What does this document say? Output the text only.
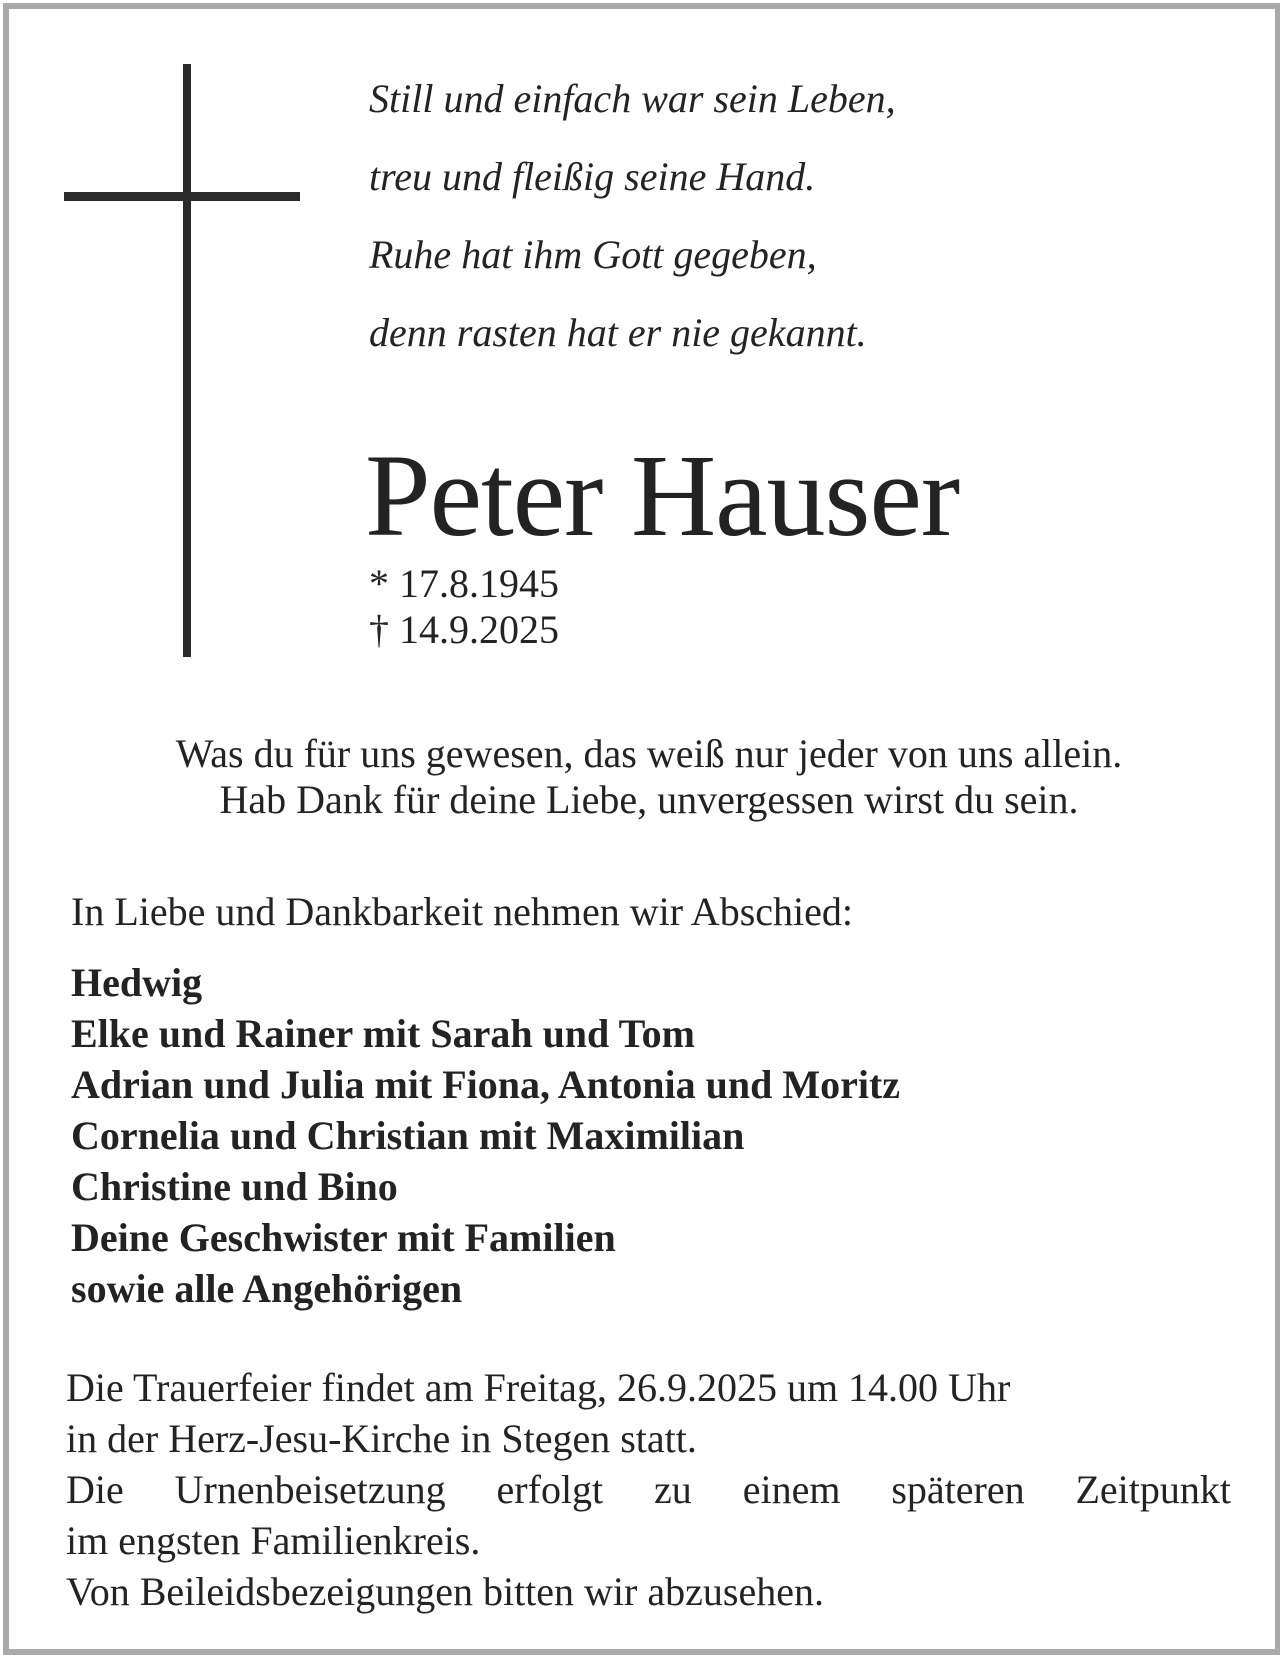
Still und einfach war sein Leben,
treu und fleißig seine Hand.
Ruhe hat ihm Gott gegeben,
denn rasten hat er nie gekannt.
Peter Hauser
* 17.8.1945
† 14.9.2025
Was du für uns gewesen, das weiß nur jeder von uns allein.
Hab Dank für deine Liebe, unvergessen wirst du sein.
In Liebe und Dankbarkeit nehmen wir Abschied:
Hedwig
Elke und Rainer mit Sarah und Tom
Adrian und Julia mit Fiona, Antonia und Moritz
Cornelia und Christian mit Maximilian
Christine und Bino
Deine Geschwister mit Familien
sowie alle Angehörigen
Die Trauerfeier findet am Freitag, 26.9.2025 um 14.00 Uhr
in der Herz-Jesu-Kirche in Stegen statt.
Die Urnenbeisetzung erfolgt zu einem späteren Zeitpunkt
im engsten Familienkreis.
Von Beileidsbezeigungen bitten wir abzusehen.
